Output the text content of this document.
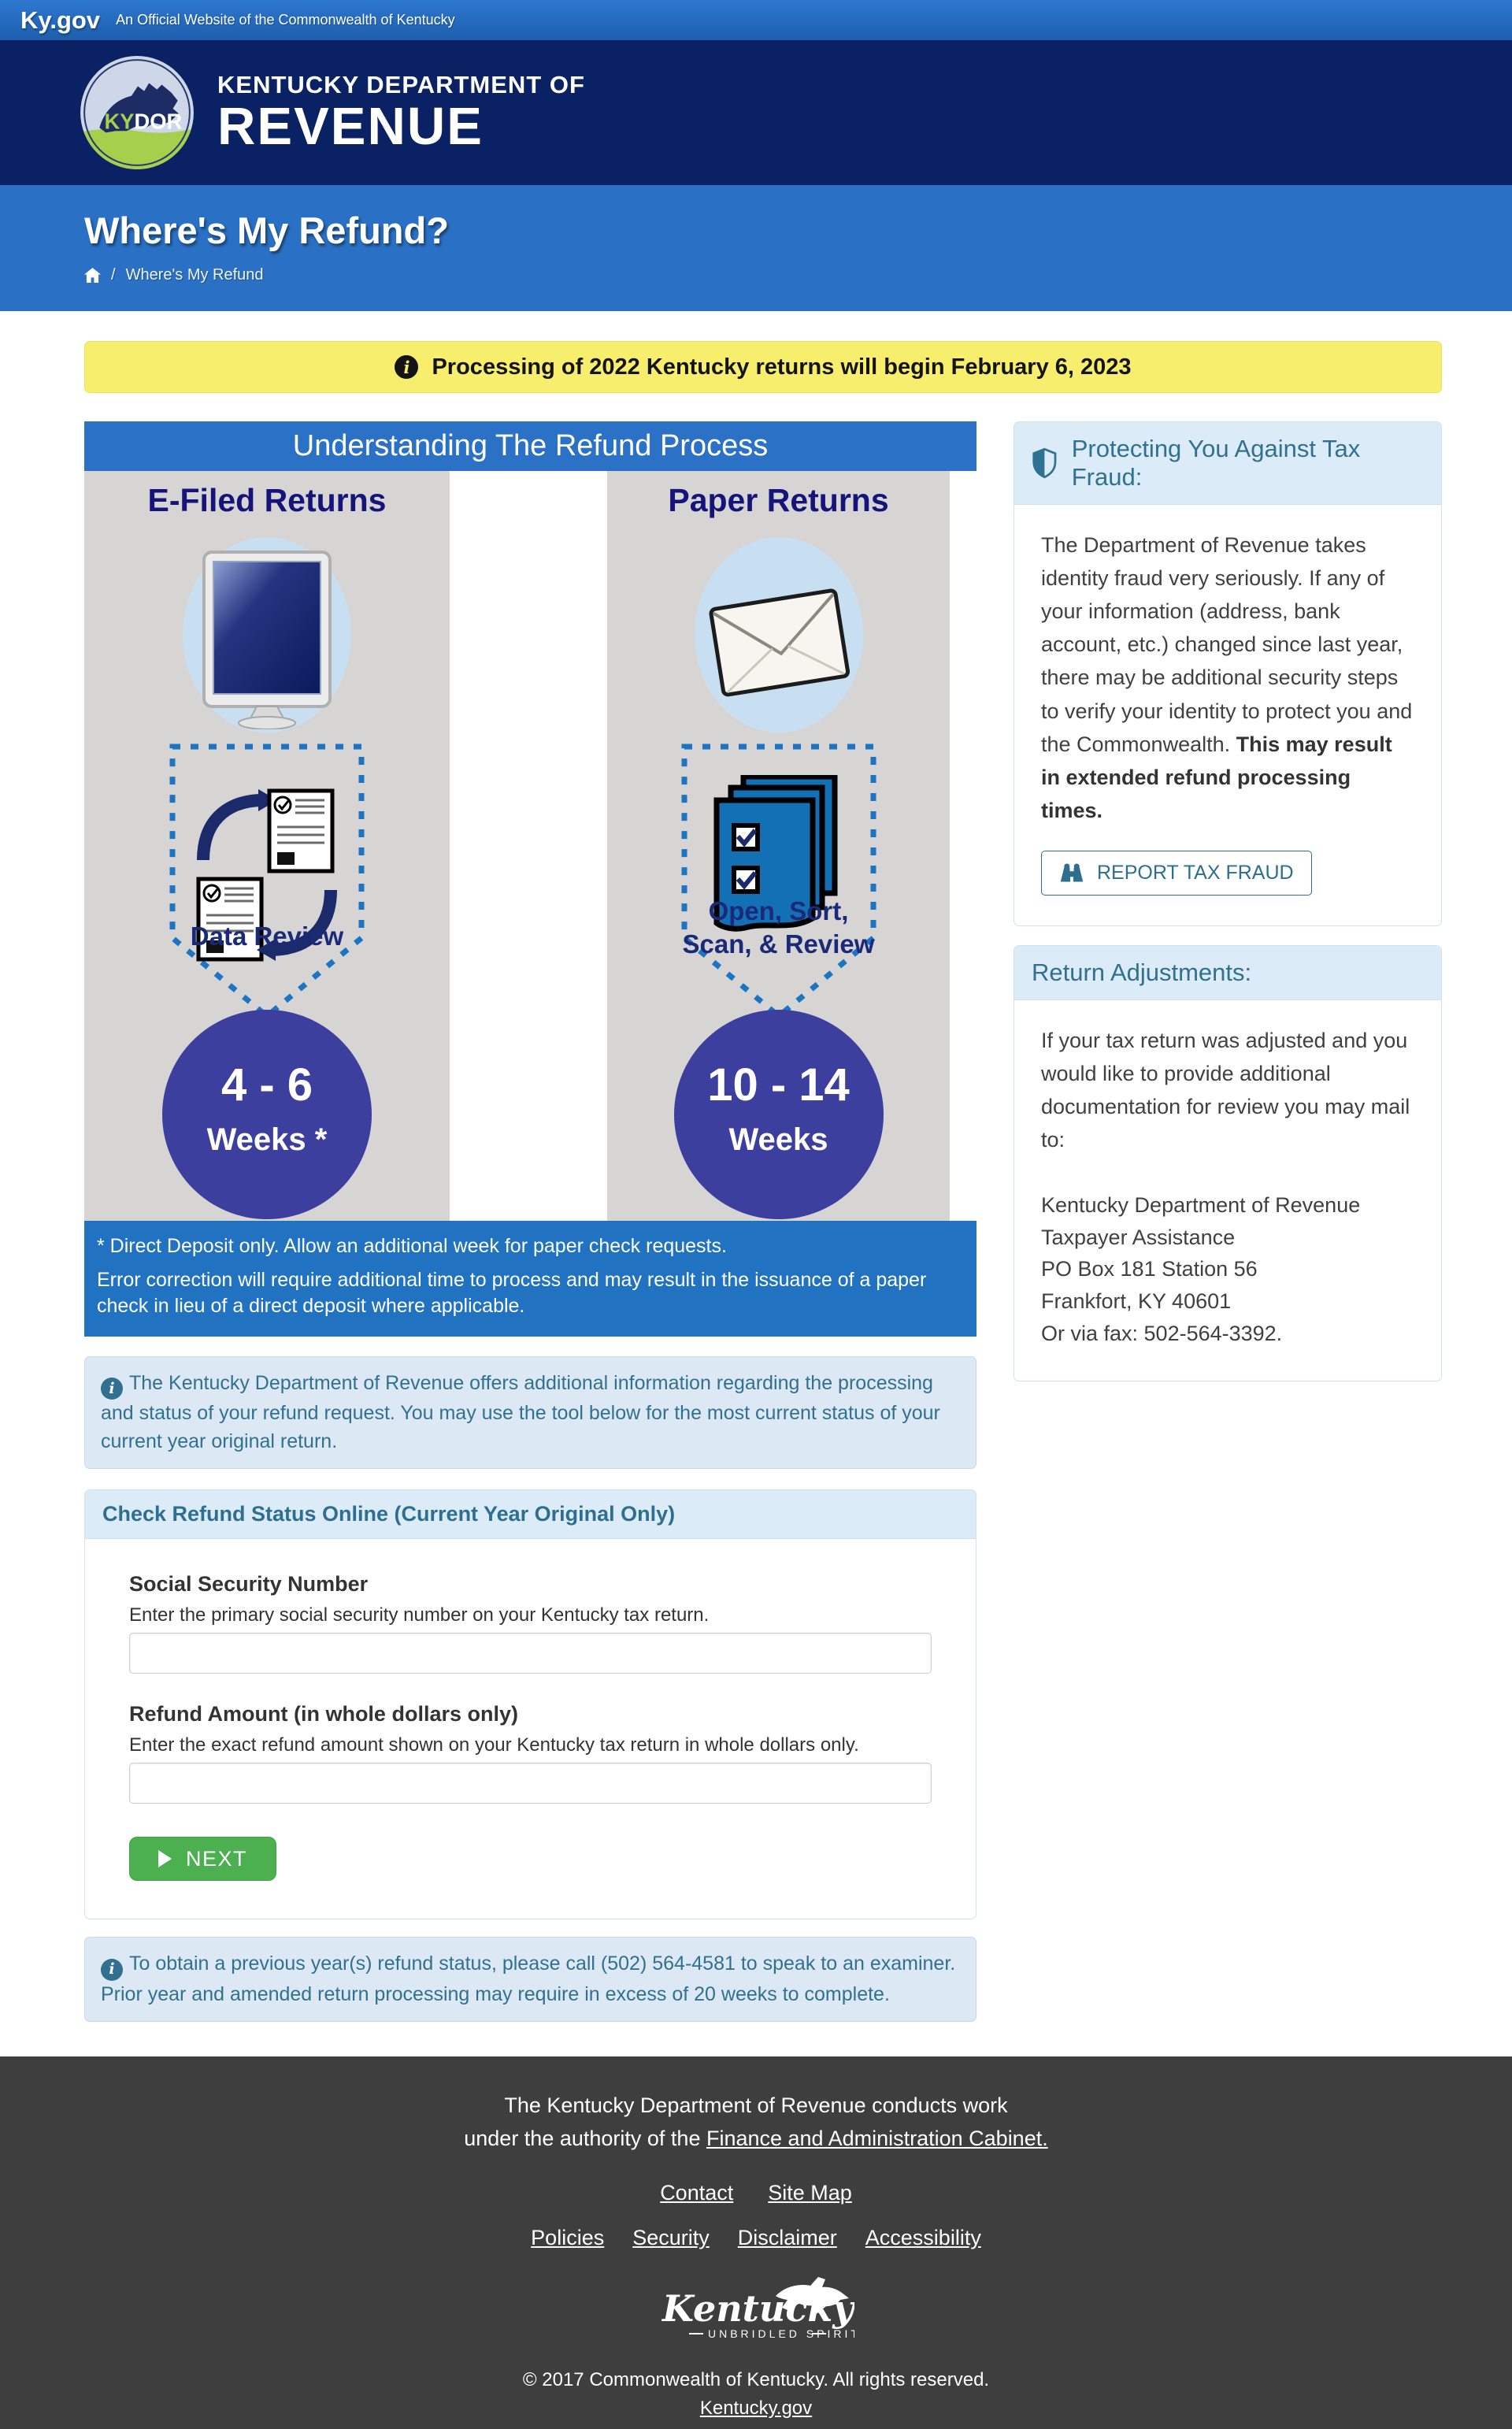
Ky.gov An Official Website of the Commonwealth of Kentucky
KYDOR
KENTUCKY DEPARTMENT OF
REVENUE
Where's My Refund?
/ Where's My Refund
i Processing of 2022 Kentucky returns will begin February 6, 2023
Understanding The Refund Process
E-Filed Returns
Data Review
4 - 6
Weeks *
Paper Returns
Open, Sort,
Scan, & Review
10 - 14
Weeks

* Direct Deposit only. Allow an additional week for paper check requests.

Error correction will require additional time to process and may result in the issuance of a paper check in lieu of a direct deposit where applicable.

i The Kentucky Department of Revenue offers additional information regarding the processing and status of your refund request. You may use the tool below for the most current status of your current year original return.
Check Refund Status Online (Current Year Original Only)

Social Security Number

Enter the primary social security number on your Kentucky tax return.

Refund Amount (in whole dollars only)

Enter the exact refund amount shown on your Kentucky tax return in whole dollars only.

NEXT
i To obtain a previous year(s) refund status, please call (502) 564-4581 to speak to an examiner. Prior year and amended return processing may require in excess of 20 weeks to complete.
Protecting You Against Tax Fraud:

The Department of Revenue takes identity fraud very seriously. If any of your information (address, bank account, etc.) changed since last year, there may be additional security steps to verify your identity to protect you and the Commonwealth. This may result in extended refund processing times.

REPORT TAX FRAUD
Return Adjustments:

If your tax return was adjusted and you would like to provide additional documentation for review you may mail to:

Kentucky Department of Revenue
Taxpayer Assistance
PO Box 181 Station 56
Frankfort, KY 40601

Or via fax: 502-564-3392.

The Kentucky Department of Revenue conducts work
under the authority of the Finance and Administration Cabinet.
Contact Site Map
Policies Security Disclaimer Accessibility
Kentucky
UNBRIDLED SPIRIT
© 2017 Commonwealth of Kentucky. All rights reserved.
Kentucky.gov
